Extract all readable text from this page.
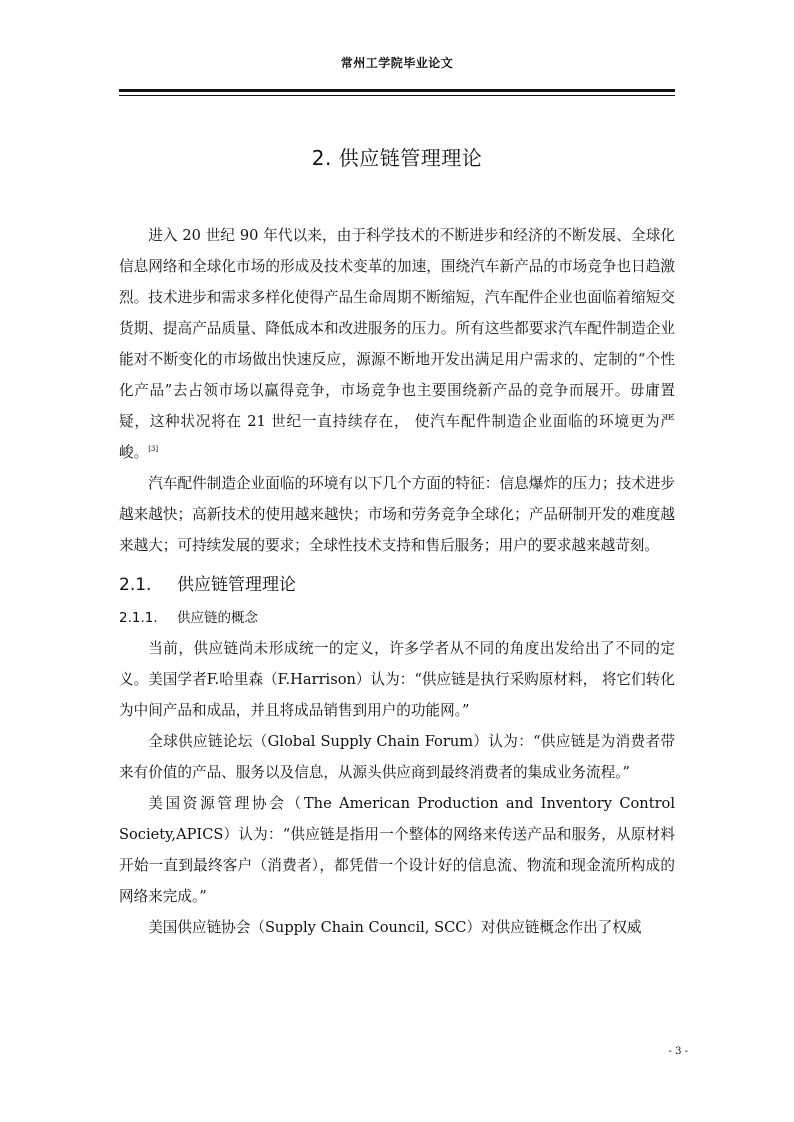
常州工学院毕业论文
2. 供应链管理理论

进入 20 世纪 90 年代以来，由于科学技术的不断进步和经济的不断发展、全球化信息网络和全球化市场的形成及技术变革的加速，围绕汽车新产品的市场竞争也日趋激烈。技术进步和需求多样化使得产品生命周期不断缩短，汽车配件企业也面临着缩短交货期、提高产品质量、降低成本和改进服务的压力。所有这些都要求汽车配件制造企业能对不断变化的市场做出快速反应，源源不断地开发出满足用户需求的、定制的“个性化产品”去占领市场以赢得竞争，市场竞争也主要围绕新产品的竞争而展开。毋庸置疑，这种状况将在 21 世纪一直持续存在， 使汽车配件制造企业面临的环境更为严峻。[3]

汽车配件制造企业面临的环境有以下几个方面的特征：信息爆炸的压力；技术进步越来越快；高新技术的使用越来越快；市场和劳务竞争全球化；产品研制开发的难度越来越大；可持续发展的要求；全球性技术支持和售后服务；用户的要求越来越苛刻。

2.1. 供应链管理理论
2.1.1. 供应链的概念

当前，供应链尚未形成统一的定义，许多学者从不同的角度出发给出了不同的定义。美国学者F.哈里森（F.Harrison）认为：“供应链是执行采购原材料， 将它们转化为中间产品和成品，并且将成品销售到用户的功能网。”

全球供应链论坛（Global Supply Chain Forum）认为：“供应链是为消费者带来有价值的产品、服务以及信息，从源头供应商到最终消费者的集成业务流程。”

美国资源管理协会（The American Production and Inventory Control Society,APICS）认为：“供应链是指用一个整体的网络来传送产品和服务，从原材料开始一直到最终客户（消费者），都凭借一个设计好的信息流、物流和现金流所构成的网络来完成。”

美国供应链协会（Supply Chain Council, SCC）对供应链概念作出了权威

- 3 -
